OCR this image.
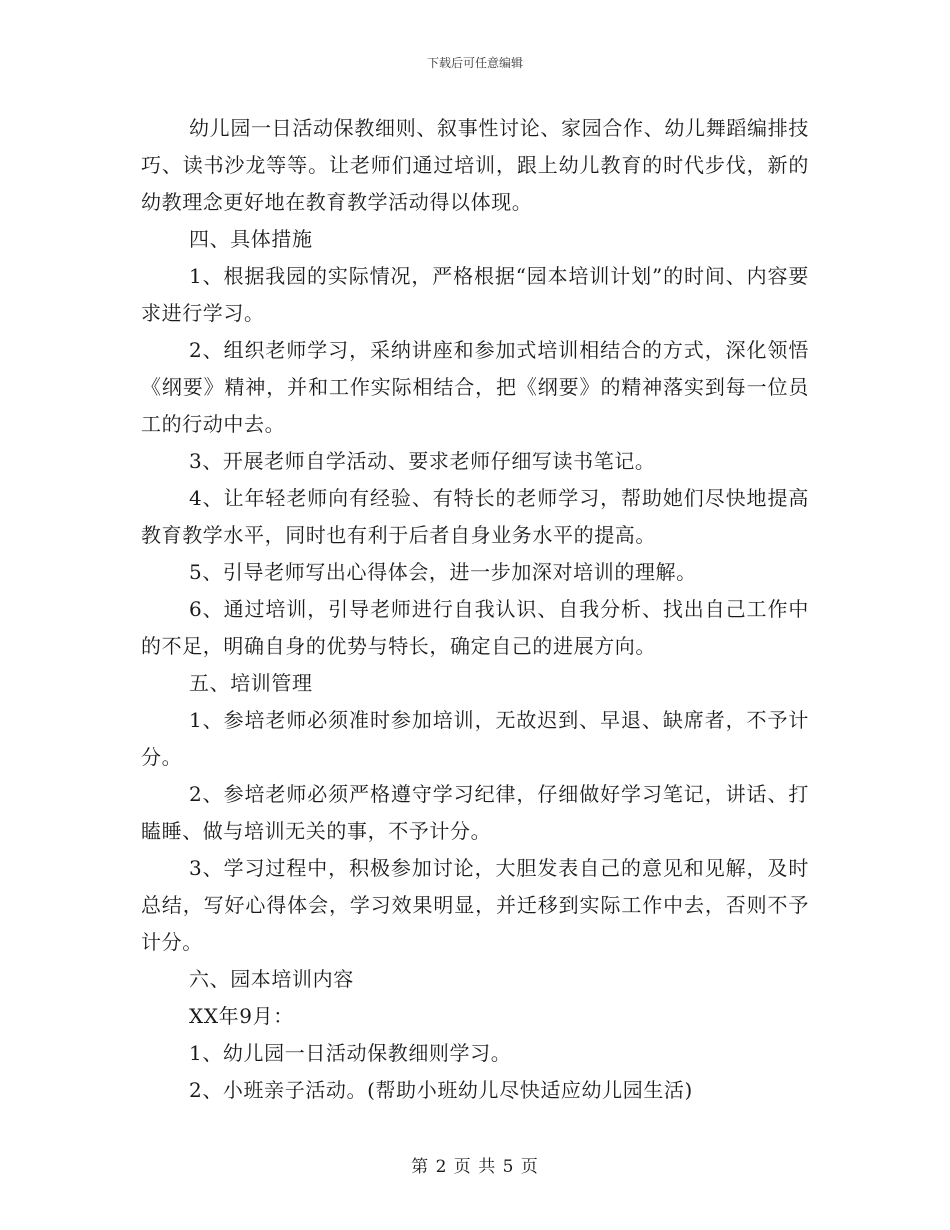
下载后可任意编辑

幼儿园一日活动保教细则、叙事性讨论、家园合作、幼儿舞蹈编排技巧、读书沙龙等等。让老师们通过培训，跟上幼儿教育的时代步伐，新的幼教理念更好地在教育教学活动得以体现。

四、具体措施

1、根据我园的实际情况，严格根据“园本培训计划”的时间、内容要求进行学习。

2、组织老师学习，采纳讲座和参加式培训相结合的方式，深化领悟《纲要》精神，并和工作实际相结合，把《纲要》的精神落实到每一位员工的行动中去。

3、开展老师自学活动、要求老师仔细写读书笔记。

4、让年轻老师向有经验、有特长的老师学习，帮助她们尽快地提高教育教学水平，同时也有利于后者自身业务水平的提高。

5、引导老师写出心得体会，进一步加深对培训的理解。

6、通过培训，引导老师进行自我认识、自我分析、找出自己工作中的不足，明确自身的优势与特长，确定自己的进展方向。

五、培训管理

1、参培老师必须准时参加培训，无故迟到、早退、缺席者，不予计分。

2、参培老师必须严格遵守学习纪律，仔细做好学习笔记，讲话、打瞌睡、做与培训无关的事，不予计分。

3、学习过程中，积极参加讨论，大胆发表自己的意见和见解，及时总结，写好心得体会，学习效果明显，并迁移到实际工作中去，否则不予计分。

六、园本培训内容

XX年9月：

1、幼儿园一日活动保教细则学习。

2、小班亲子活动。(帮助小班幼儿尽快适应幼儿园生活)

第 2 页 共 5 页
